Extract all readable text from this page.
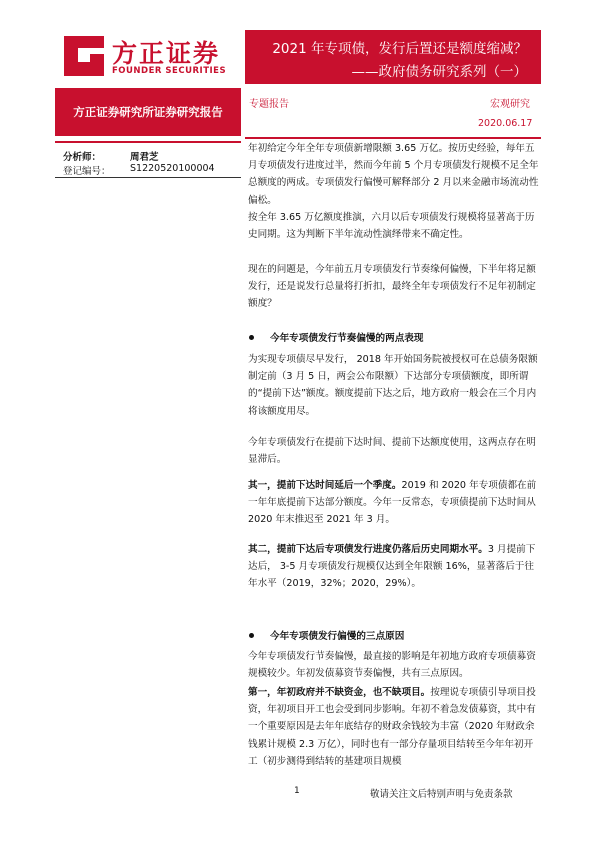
方正证券
FOUNDER SECURITIES
2021 年专项债，发行后置还是额度缩减？
——政府债务研究系列（一）
方正证券研究所证券研究报告
专题报告	宏观研究
2020.06.17
分析师：	周君芝
登记编号： S1220520100004

年初给定今年全年专项债新增限额 3.65 万亿。按历史经验，每年五月专项债发行进度过半，然而今年前 5 个月专项债发行规模不足全年总额度的两成。专项债发行偏慢可解释部分 2 月以来金融市场流动性偏松。

按全年 3.65 万亿额度推演，六月以后专项债发行规模将显著高于历史同期。这为判断下半年流动性演绎带来不确定性。

现在的问题是，今年前五月专项债发行节奏缘何偏慢，下半年将足额发行，还是说发行总量将打折扣，最终全年专项债发行不足年初制定额度？

今年专项债发行节奏偏慢的两点表现

为实现专项债尽早发行， 2018 年开始国务院被授权可在总债务限额制定前（3 月 5 日，两会公布限额）下达部分专项债额度，即所谓的“提前下达”额度。额度提前下达之后，地方政府一般会在三个月内将该额度用尽。

今年专项债发行在提前下达时间、提前下达额度使用，这两点存在明显滞后。

其一，提前下达时间延后一个季度。2019 和 2020 年专项债都在前一年年底提前下达部分额度。今年一反常态，专项债提前下达时间从 2020 年末推迟至 2021 年 3 月。

其二，提前下达后专项债发行进度仍落后历史同期水平。3 月提前下达后， 3-5 月专项债发行规模仅达到全年限额 16%，显著落后于往年水平（2019，32%；2020，29%）。

今年专项债发行偏慢的三点原因

今年专项债发行节奏偏慢，最直接的影响是年初地方政府专项债募资规模较少。年初发债募资节奏偏慢，共有三点原因。

第一，年初政府并不缺资金，也不缺项目。按理说专项债引导项目投资，年初项目开工也会受到同步影响。年初不着急发债募资，其中有一个重要原因是去年年底结存的财政余钱较为丰富（2020 年财政余钱累计规模 2.3 万亿），同时也有一部分存量项目结转至今年年初开工（初步测得到结转的基建项目规模

1	敬请关注文后特别声明与免责条款
